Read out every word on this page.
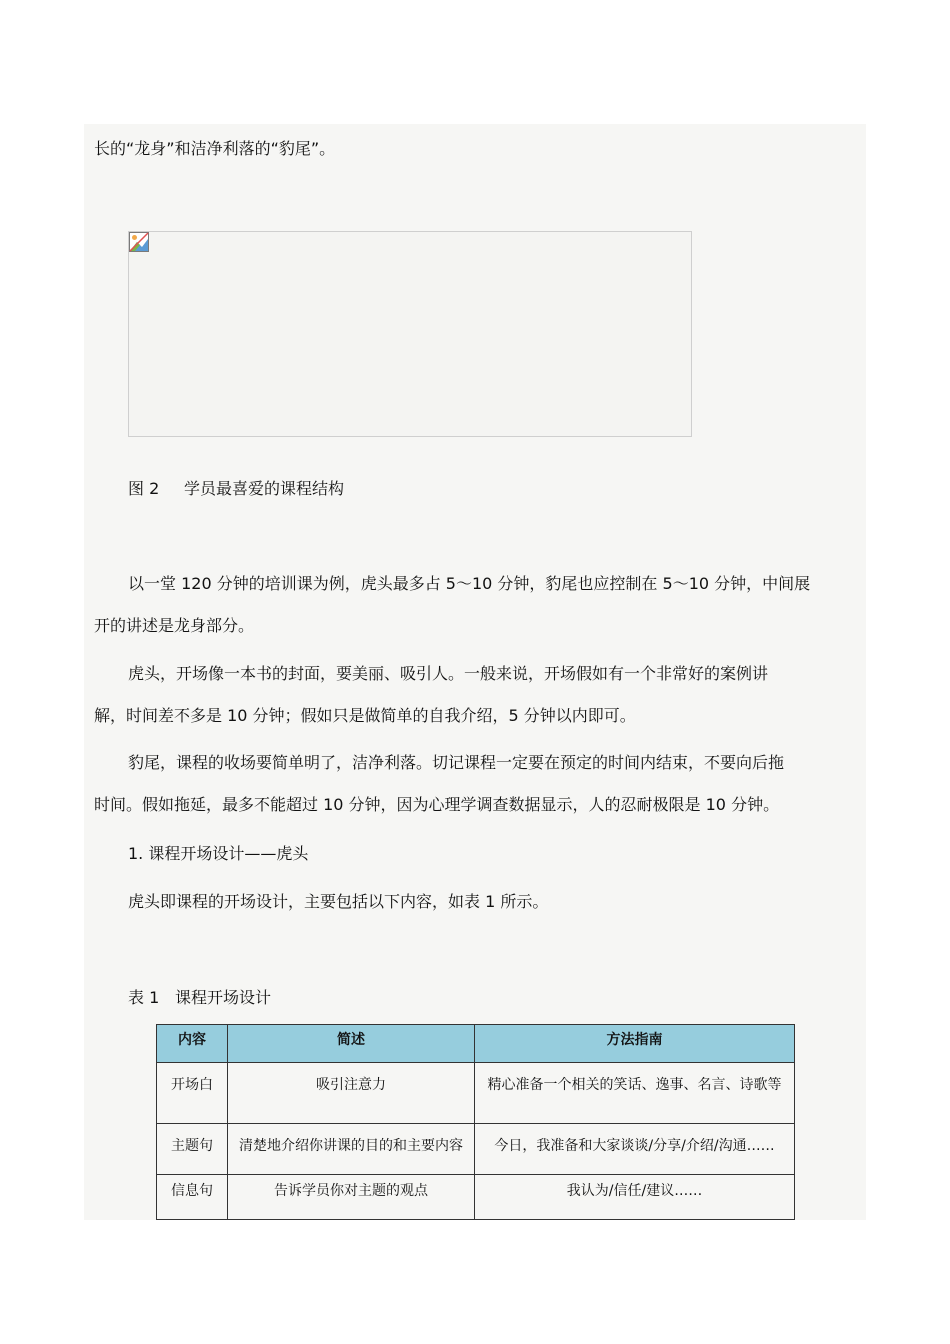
长的“龙身”和洁净利落的“豹尾”。
图 2 学员最喜爱的课程结构
以一堂 120 分钟的培训课为例，虎头最多占 5～10 分钟，豹尾也应控制在 5～10 分钟，中间展
开的讲述是龙身部分。
虎头，开场像一本书的封面，要美丽、吸引人。一般来说，开场假如有一个非常好的案例讲
解，时间差不多是 10 分钟；假如只是做简单的自我介绍，5 分钟以内即可。
豹尾，课程的收场要简单明了，洁净利落。切记课程一定要在预定的时间内结束，不要向后拖
时间。假如拖延，最多不能超过 10 分钟，因为心理学调查数据显示，人的忍耐极限是 10 分钟。
1. 课程开场设计——虎头
虎头即课程的开场设计，主要包括以下内容，如表 1 所示。
表 1 课程开场设计
内容	简述	方法指南
开场白	吸引注意力	精心准备一个相关的笑话、逸事、名言、诗歌等
主题句	清楚地介绍你讲课的目的和主要内容	今日，我准备和大家谈谈/分享/介绍/沟通……
信息句	告诉学员你对主题的观点	我认为/信任/建议……
